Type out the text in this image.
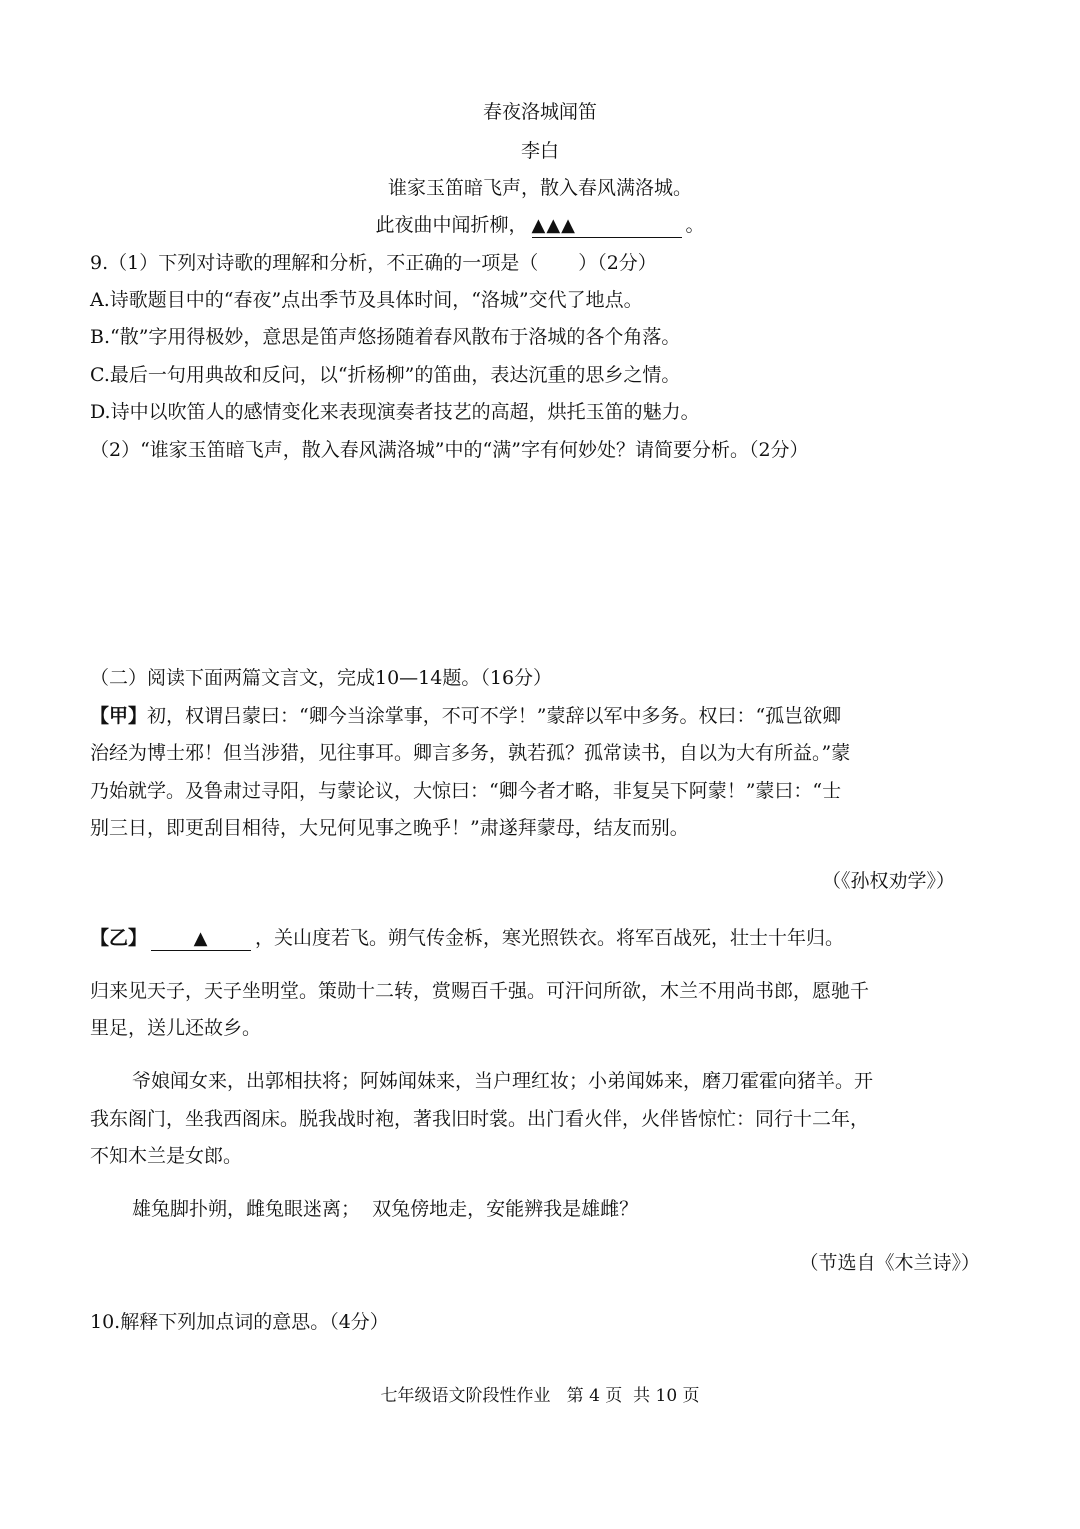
春夜洛城闻笛
李白
谁家玉笛暗飞声，散入春风满洛城。
此夜曲中闻折柳， ▲▲▲	。
9.（1）下列对诗歌的理解和分析，不正确的一项是（ ）（2分）
A.诗歌题目中的“春夜”点出季节及具体时间，“洛城”交代了地点。
B.“散”字用得极妙，意思是笛声悠扬随着春风散布于洛城的各个角落。
C.最后一句用典故和反问，以“折杨柳”的笛曲，表达沉重的思乡之情。
D.诗中以吹笛人的感情变化来表现演奏者技艺的高超，烘托玉笛的魅力。
（2）“谁家玉笛暗飞声，散入春风满洛城”中的“满”字有何妙处？请简要分析。（2分）
（二）阅读下面两篇文言文，完成10—14题。（16分）
【甲】初，权谓吕蒙曰：“卿今当涂掌事，不可不学！”蒙辞以军中多务。权曰：“孤岂欲卿
治经为博士邪！但当涉猎，见往事耳。卿言多务，孰若孤？孤常读书，自以为大有所益。”蒙
乃始就学。及鲁肃过寻阳，与蒙论议，大惊曰：“卿今者才略，非复吴下阿蒙！”蒙曰：“士
别三日，即更刮目相待，大兄何见事之晚乎！”肃遂拜蒙母，结友而别。
（《孙权劝学》）
【乙】	▲ ，关山度若飞。朔气传金柝，寒光照铁衣。将军百战死，壮士十年归。
归来见天子，天子坐明堂。策勋十二转，赏赐百千强。可汗问所欲，木兰不用尚书郎，愿驰千
里足，送儿还故乡。
爷娘闻女来，出郭相扶将；阿姊闻妹来，当户理红妆；小弟闻姊来，磨刀霍霍向猪羊。开
我东阁门，坐我西阁床。脱我战时袍，著我旧时裳。出门看火伴，火伴皆惊忙：同行十二年，
不知木兰是女郎。
雄兔脚扑朔，雌兔眼迷离；  双兔傍地走，安能辨我是雄雌？
（节选自《木兰诗》）
10.解释下列加点词的意思。（4分）
七年级语文阶段性作业   第 4 页  共 10 页
